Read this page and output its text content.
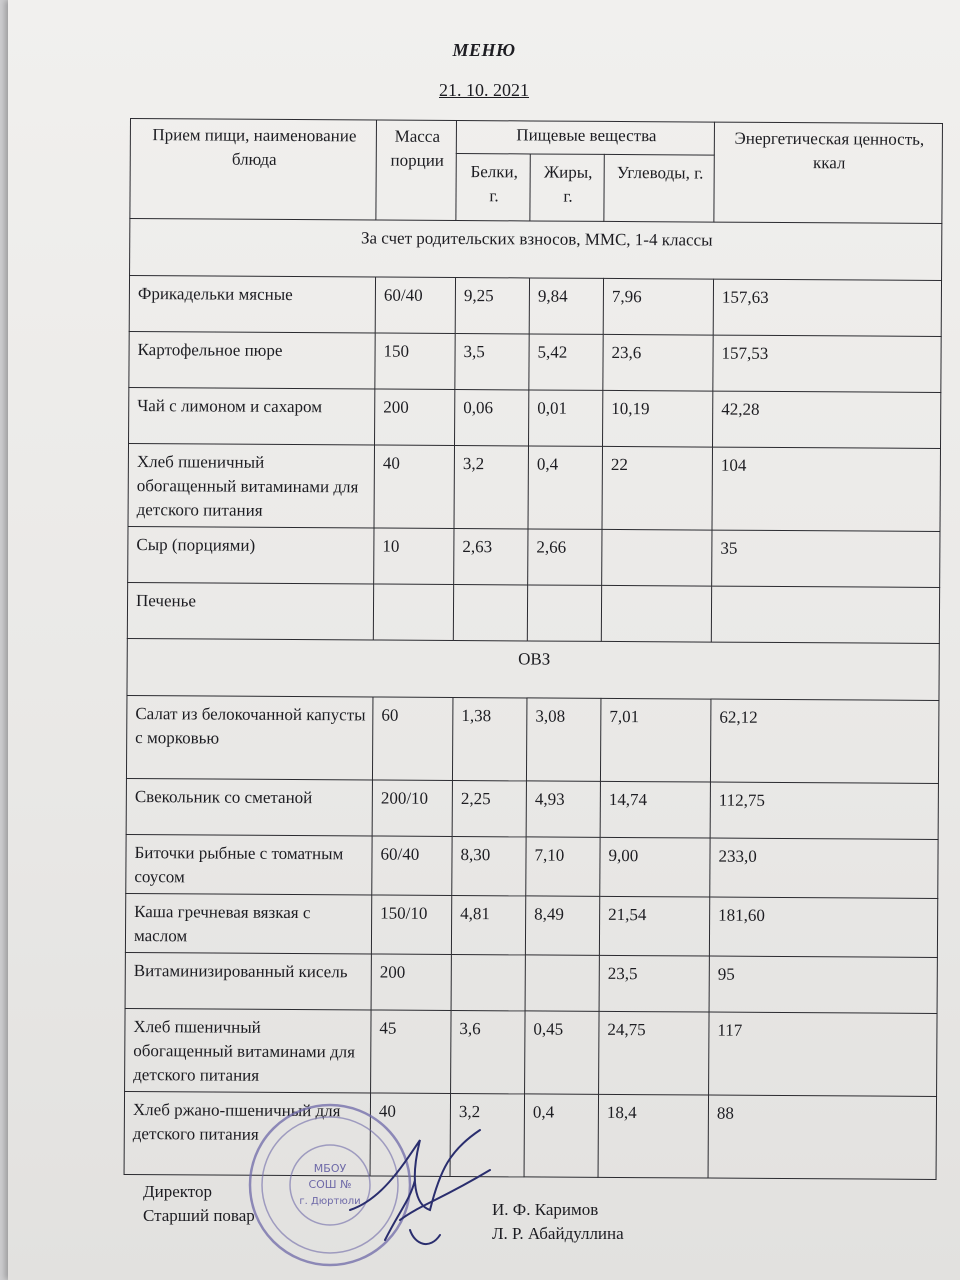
МЕНЮ
21. 10. 2021
Прием пищи, наименование блюда	Масса порции	Пищевые вещества			Энергетическая ценность, ккал
		Белки, г.	Жиры, г.	Углеводы, г.	
За счет родительских взносов, ММС, 1-4 классы					
Фрикадельки мясные	60/40	9,25	9,84	7,96	157,63
Картофельное пюре	150	3,5	5,42	23,6	157,53
Чай с лимоном и сахаром	200	0,06	0,01	10,19	42,28
Хлеб пшеничный обогащенный витаминами для детского питания	40	3,2	0,4	22	104
Сыр (порциями)	10	2,63	2,66		35
Печенье					
ОВЗ					
Салат из белокочанной капусты с морковью	60	1,38	3,08	7,01	62,12
Свекольник со сметаной	200/10	2,25	4,93	14,74	112,75
Биточки рыбные с томатным соусом	60/40	8,30	7,10	9,00	233,0
Каша гречневая вязкая с маслом	150/10	4,81	8,49	21,54	181,60
Витаминизированный кисель	200			23,5	95
Хлеб пшеничный обогащенный витаминами для детского питания	45	3,6	0,45	24,75	117
Хлеб ржано-пшеничный для детского питания	40	3,2	0,4	18,4	88
Директор
Старший повар	И. Ф. Каримов
Л. Р. Абайдуллина
МБОУ
СОШ №
г. Дюртюли
